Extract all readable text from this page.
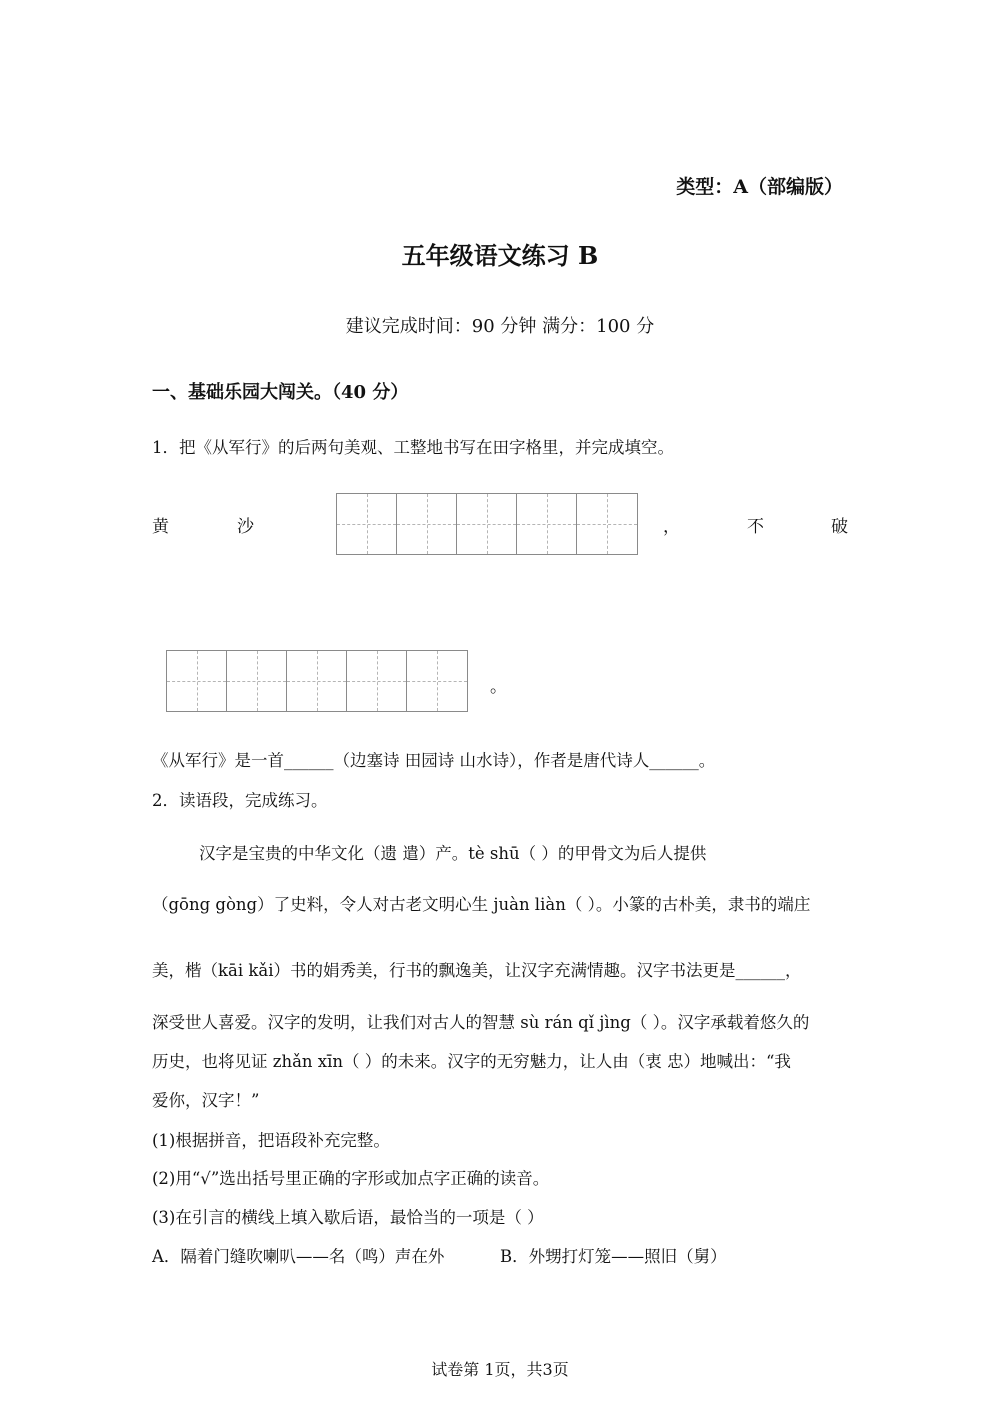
类型：A（部编版）
五年级语文练习 B
建议完成时间：90 分钟 满分：100 分
一、基础乐园大闯关。（40 分）
1．把《从军行》的后两句美观、工整地书写在田字格里，并完成填空。
黄	沙	，	不	破
。
《从军行》是一首______（边塞诗 田园诗 山水诗），作者是唐代诗人______。
2．读语段，完成练习。
汉字是宝贵的中华文化（遗 遣）产。tè shū（ ）的甲骨文为后人提供
（gōng gòng）了史料，令人对古老文明心生 juàn liàn（ ）。小篆的古朴美，隶书的端庄
美，楷（kāi kǎi）书的娟秀美，行书的飘逸美，让汉字充满情趣。汉字书法更是______，
深受世人喜爱。汉字的发明，让我们对古人的智慧 sù rán qǐ jìng（ ）。汉字承载着悠久的
历史，也将见证 zhǎn xīn（ ）的未来。汉字的无穷魅力，让人由（衷 忠）地喊出：“我
爱你，汉字！”
(1)根据拼音，把语段补充完整。
(2)用“√”选出括号里正确的字形或加点字正确的读音。
(3)在引言的横线上填入歇后语，最恰当的一项是（ ）
A．隔着门缝吹喇叭——名（鸣）声在外	B．外甥打灯笼——照旧（舅）
试卷第 1页，共3页
